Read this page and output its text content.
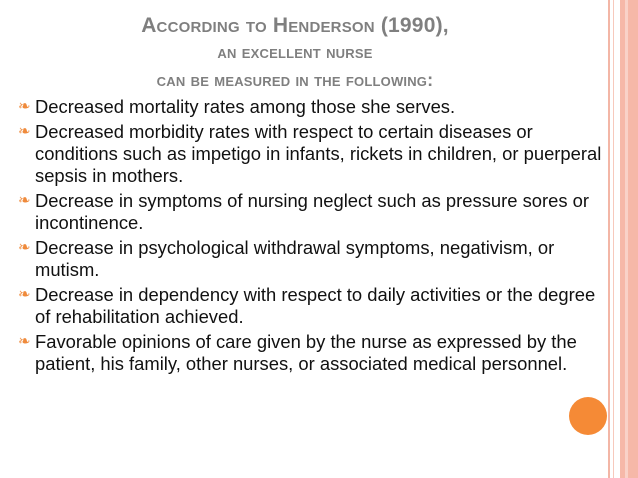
According to Henderson (1990),
an excellent nurse
can be measured in the following:
❧ Decreased mortality rates among those she serves.
❧ Decreased morbidity rates with respect to certain diseases or conditions such as impetigo in infants, rickets in children, or puerperal sepsis in mothers.
❧ Decrease in symptoms of nursing neglect such as pressure sores or incontinence.
❧ Decrease in psychological withdrawal symptoms, negativism, or mutism.
❧ Decrease in dependency with respect to daily activities or the degree of rehabilitation achieved.
❧ Favorable opinions of care given by the nurse as expressed by the patient, his family, other nurses, or associated medical personnel.
